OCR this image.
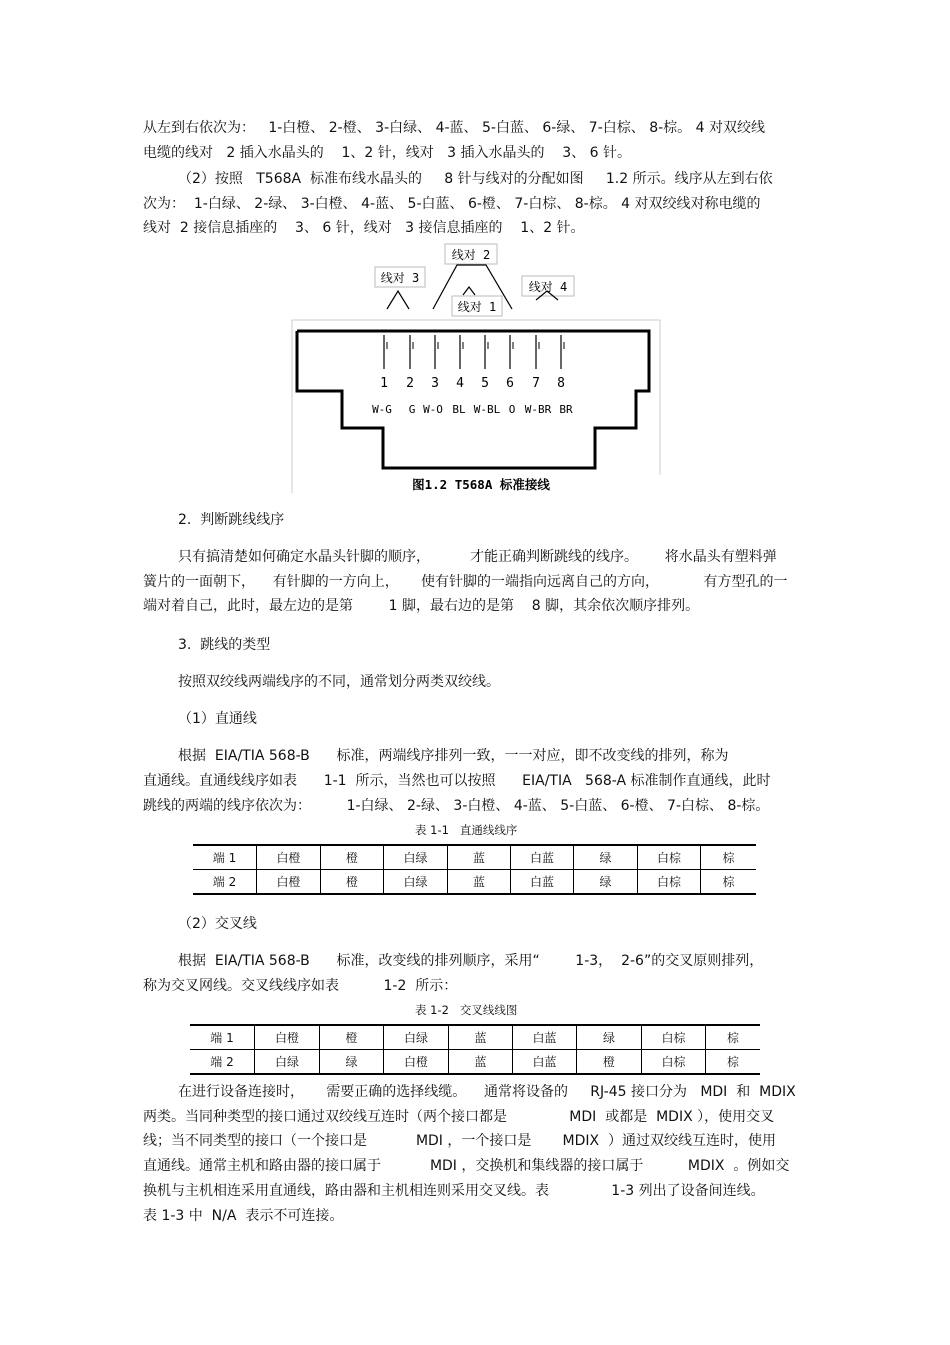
从左到右依次为：   1-白橙、 2-橙、 3-白绿、 4-蓝、 5-白蓝、 6-绿、 7-白棕、 8-棕。 4 对双绞线
电缆的线对   2 插入水晶头的    1、2 针，线对   3 插入水晶头的    3、 6 针。
（2）按照   T568A  标准布线水晶头的     8 针与线对的分配如图     1.2 所示。线序从左到右依
次为：  1-白绿、 2-绿、 3-白橙、 4-蓝、 5-白蓝、 6-橙、 7-白棕、 8-棕。 4 对双绞线对称电缆的
线对  2 接信息插座的    3、 6 针，线对   3 接信息插座的    1、2 针。
线对 3
线对 2
线对 1
线对 4
1 2 3 4 5 6 7 8
W-G G W-O BL W-BL O W-BR BR
图1.2 T568A 标准接线
2.  判断跳线线序
只有搞清楚如何确定水晶头针脚的顺序，         才能正确判断跳线的线序。      将水晶头有塑料弹
簧片的一面朝下，    有针脚的一方向上，     使有针脚的一端指向远离自己的方向，          有方型孔的一
端对着自己，此时，最左边的是第        1 脚，最右边的是第    8 脚，其余依次顺序排列。
3.  跳线的类型
按照双绞线两端线序的不同，通常划分两类双绞线。
（1）直通线
根据  EIA/TIA 568-B      标准，两端线序排列一致，一一对应，即不改变线的排列，称为
直通线。直通线线序如表      1-1  所示，当然也可以按照      EIA/TIA   568-A 标准制作直通线，此时
跳线的两端的线序依次为：        1-白绿、 2-绿、 3-白橙、 4-蓝、 5-白蓝、 6-橙、 7-白棕、 8-棕。
表 1-1   直通线线序
端 1	白橙	橙	白绿	蓝	白蓝	绿	白棕	棕
端 2	白橙	橙	白绿	蓝	白蓝	绿	白棕	棕
（2）交叉线
根据  EIA/TIA 568-B      标准，改变线的排列顺序，采用“        1-3，  2-6”的交叉原则排列，
称为交叉网线。交叉线线序如表          1-2  所示：
表 1-2   交叉线线图
端 1	白橙	橙	白绿	蓝	白蓝	绿	白棕	棕
端 2	白绿	绿	白橙	蓝	白蓝	橙	白棕	棕
在进行设备连接时，     需要正确的选择线缆。    通常将设备的     RJ-45 接口分为   MDI  和  MDIX
两类。当同种类型的接口通过双绞线互连时（两个接口都是              MDI  或都是  MDIX ），使用交叉
线；当不同类型的接口（一个接口是           MDI ，一个接口是       MDIX  ）通过双绞线互连时，使用
直通线。通常主机和路由器的接口属于           MDI ，交换机和集线器的接口属于          MDIX  。例如交
换机与主机相连采用直通线，路由器和主机相连则采用交叉线。表              1-3 列出了设备间连线。
表 1-3 中  N/A  表示不可连接。
